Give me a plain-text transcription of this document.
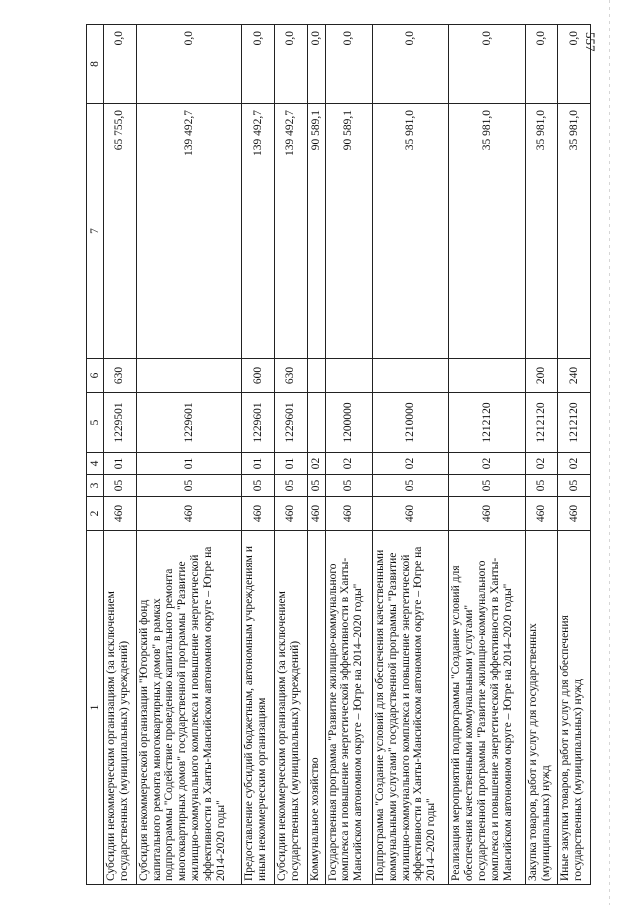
557
1	2	3	4	5	6	7	8
Субсидии некоммерческим организациям (за исключением государственных (муниципальных) учреждений)	460	05	01	1229501	630	65 755,0	0,0
Субсидия некоммерческой организации "Югорский фонд капитального ремонта многоквартирных домов" в рамках подпрограммы "Содействие проведению капитального ремонта многоквартирных домов" государственной программы "Развитие жилищно-коммунального комплекса и повышение энергетической эффективности в Ханты-Мансийском автономном округе – Югре на 2014-2020 годы"	460	05	01	1229601		139 492,7	0,0
Предоставление субсидий бюджетным, автономным учреждениям и иным некоммерческим организациям	460	05	01	1229601	600	139 492,7	0,0
Субсидии некоммерческим организациям (за исключением государственных (муниципальных) учреждений)	460	05	01	1229601	630	139 492,7	0,0
Коммунальное хозяйство	460	05	02			90 589,1	0,0
Государственная программа "Развитие жилищно-коммунального комплекса и повышение энергетической эффективности в Ханты-Мансийском автономном округе – Югре на 2014–2020 годы"	460	05	02	1200000		90 589,1	0,0
Подпрограмма "Создание условий для обеспечения качественными коммунальными услугами" государственной программы "Развитие жилищно-коммунального комплекса и повышение энергетической эффективности в Ханты-Мансийском автономном округе – Югре на 2014–2020 годы"	460	05	02	1210000		35 981,0	0,0
Реализация мероприятий подпрограммы "Создание условий для обеспечения качественными коммунальными услугами" государственной программы "Развитие жилищно-коммунального комплекса и повышение энергетической эффективности в Ханты-Мансийском автономном округе – Югре на 2014–2020 годы"	460	05	02	1212120		35 981,0	0,0
Закупка товаров, работ и услуг для государственных (муниципальных) нужд	460	05	02	1212120	200	35 981,0	0,0
Иные закупки товаров, работ и услуг для обеспечения государственных (муниципальных) нужд	460	05	02	1212120	240	35 981,0	0,0
